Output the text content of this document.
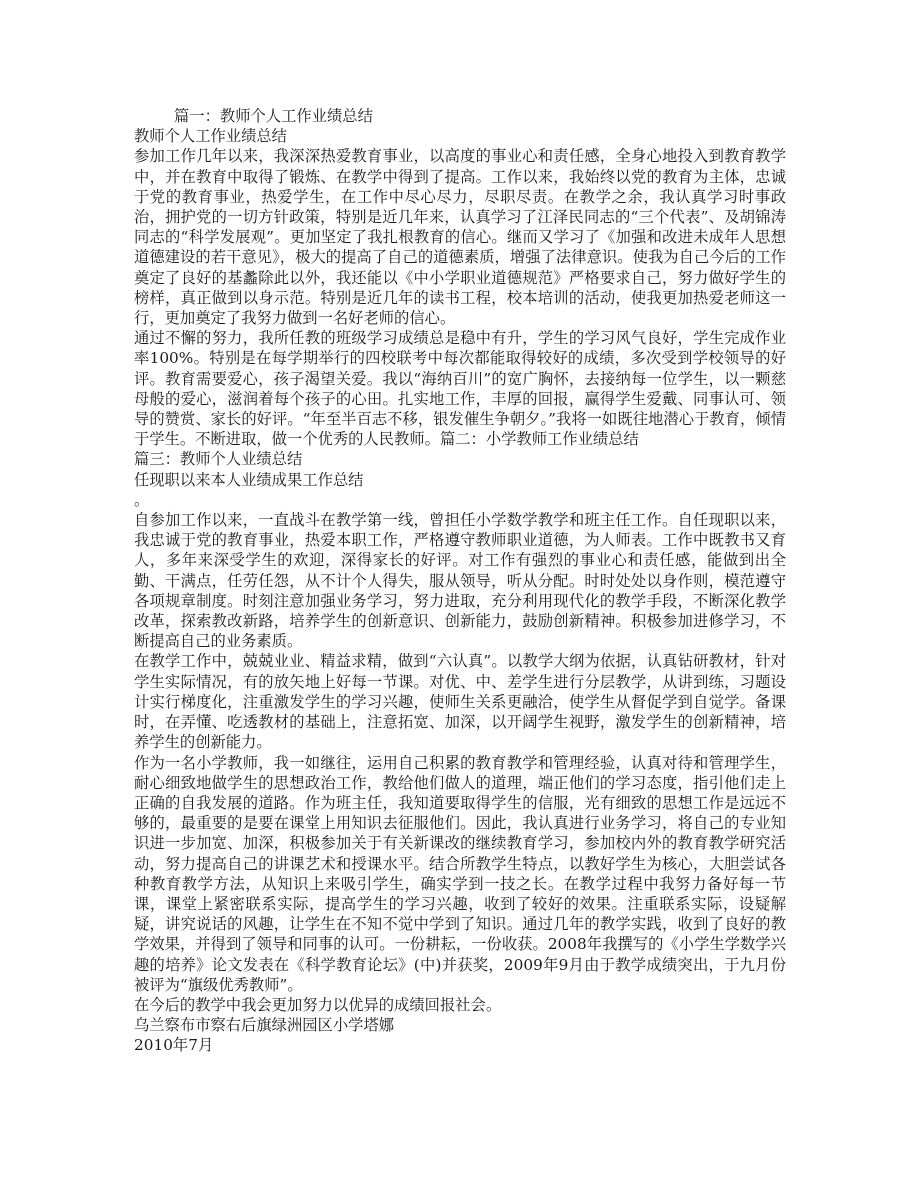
篇一：教师个人工作业绩总结

教师个人工作业绩总结

参加工作几年以来，我深深热爱教育事业，以高度的事业心和责任感，全身心地投入到教育教学中，并在教育中取得了锻炼、在教学中得到了提高。工作以来，我始终以党的教育为主体，忠诚于党的教育事业，热爱学生，在工作中尽心尽力，尽职尽责。在教学之余，我认真学习时事政治，拥护党的一切方针政策，特别是近几年来，认真学习了江泽民同志的“三个代表”、及胡锦涛同志的“科学发展观”。更加坚定了我扎根教育的信心。继而又学习了《加强和改进未成年人思想道德建设的若干意见》，极大的提高了自己的道德素质，增强了法律意识。使我为自己今后的工作奠定了良好的基蠡除此以外，我还能以《中小学职业道德规范》严格要求自己，努力做好学生的榜样，真正做到以身示范。特别是近几年的读书工程，校本培训的活动，使我更加热爱老师这一行，更加奠定了我努力做到一名好老师的信心。

通过不懈的努力，我所任教的班级学习成绩总是稳中有升，学生的学习风气良好，学生完成作业率100%。特别是在每学期举行的四校联考中每次都能取得较好的成绩，多次受到学校领导的好评。教育需要爱心，孩子渴望关爱。我以“海纳百川”的宽广胸怀，去接纳每一位学生，以一颗慈母般的爱心，滋润着每个孩子的心田。扎实地工作，丰厚的回报，赢得学生爱戴、同事认可、领导的赞赏、家长的好评。“年至半百志不移，银发催生争朝夕。”我将一如既往地潜心于教育，倾情于学生。不断进取，做一个优秀的人民教师。篇二：小学教师工作业绩总结

篇三：教师个人业绩总结

任现职以来本人业绩成果工作总结

。

自参加工作以来，一直战斗在教学第一线，曾担任小学数学教学和班主任工作。自任现职以来，我忠诚于党的教育事业，热爱本职工作，严格遵守教师职业道德，为人师表。工作中既教书又育人，多年来深受学生的欢迎，深得家长的好评。对工作有强烈的事业心和责任感，能做到出全勤、干满点，任劳任怨，从不计个人得失，服从领导，听从分配。时时处处以身作则，模范遵守各项规章制度。时刻注意加强业务学习，努力进取，充分利用现代化的教学手段，不断深化教学改革，探索教改新路，培养学生的创新意识、创新能力，鼓励创新精神。积极参加进修学习，不断提高自己的业务素质。

在教学工作中，兢兢业业、精益求精，做到“六认真”。以教学大纲为依据，认真钻研教材，针对学生实际情况，有的放矢地上好每一节课。对优、中、差学生进行分层教学，从讲到练，习题设计实行梯度化，注重激发学生的学习兴趣，使师生关系更融洽，使学生从督促学到自觉学。备课时，在弄懂、吃透教材的基础上，注意拓宽、加深，以开阔学生视野，激发学生的创新精神，培养学生的创新能力。

作为一名小学教师，我一如继往，运用自己积累的教育教学和管理经验，认真对待和管理学生，耐心细致地做学生的思想政治工作，教给他们做人的道理，端正他们的学习态度，指引他们走上正确的自我发展的道路。作为班主任，我知道要取得学生的信服，光有细致的思想工作是远远不够的，最重要的是要在课堂上用知识去征服他们。因此，我认真进行业务学习，将自己的专业知识进一步加宽、加深，积极参加关于有关新课改的继续教育学习，参加校内外的教育教学研究活动，努力提高自己的讲课艺术和授课水平。结合所教学生特点，以教好学生为核心，大胆尝试各种教育教学方法，从知识上来吸引学生，确实学到一技之长。在教学过程中我努力备好每一节课，课堂上紧密联系实际，提高学生的学习兴趣，收到了较好的效果。注重联系实际，设疑解疑，讲究说话的风趣，让学生在不知不觉中学到了知识。通过几年的教学实践，收到了良好的教学效果，并得到了领导和同事的认可。一份耕耘，一份收获。2008年我撰写的《小学生学数学兴趣的培养》论文发表在《科学教育论坛》(中)并获奖，2009年9月由于教学成绩突出，于九月份被评为“旗级优秀教师”。

在今后的教学中我会更加努力以优异的成绩回报社会。

乌兰察布市察右后旗绿洲园区小学塔娜

2010年7月
